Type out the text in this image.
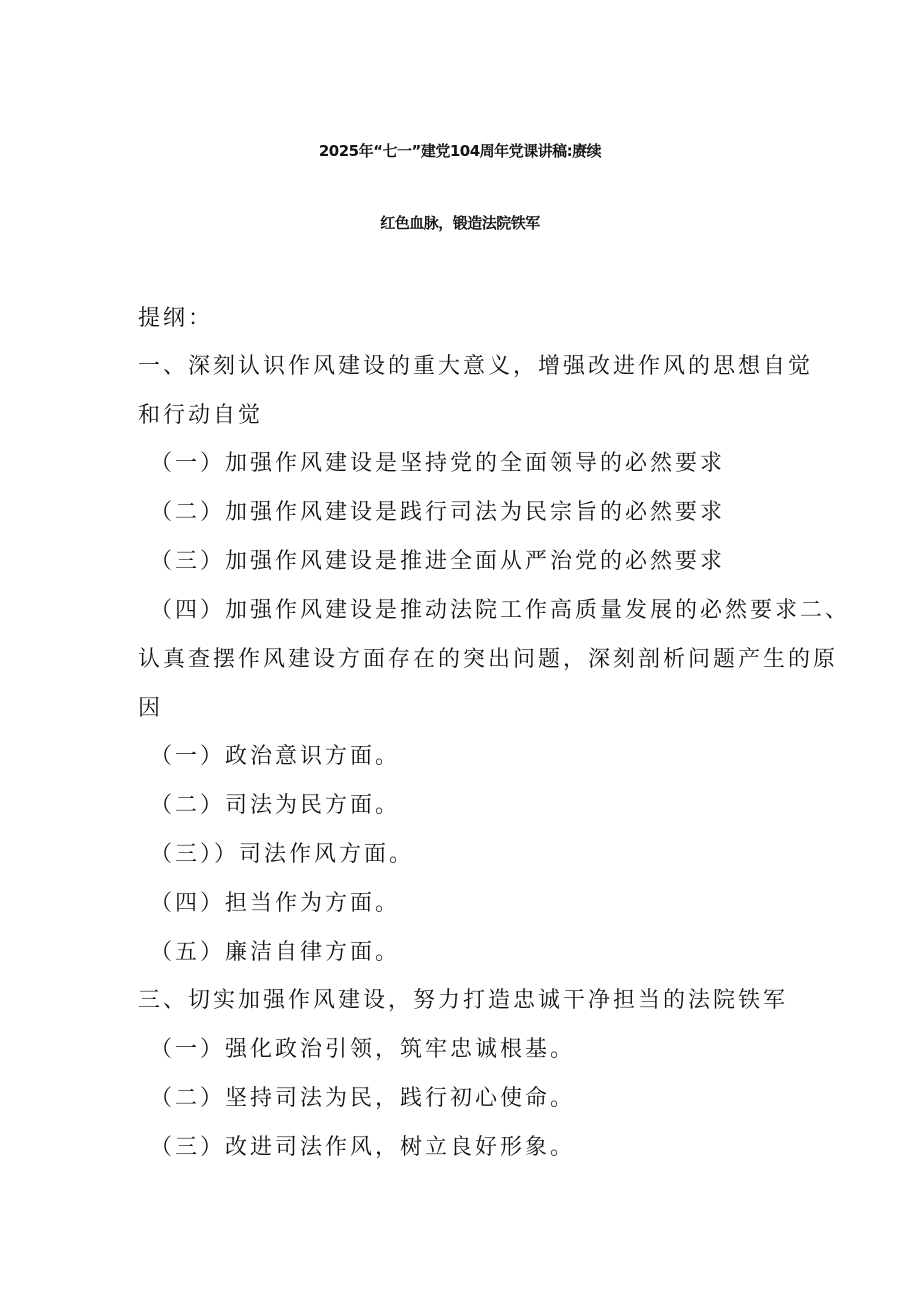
2025年“七一”建党104周年党课讲稿:赓续
红色血脉，锻造法院铁军
提纲：
一、深刻认识作风建设的重大意义，增强改进作风的思想自觉
和行动自觉
（一）加强作风建设是坚持党的全面领导的必然要求
（二）加强作风建设是践行司法为民宗旨的必然要求
（三）加强作风建设是推进全面从严治党的必然要求
（四）加强作风建设是推动法院工作高质量发展的必然要求二、
认真查摆作风建设方面存在的突出问题，深刻剖析问题产生的原
因
（一）政治意识方面。
（二）司法为民方面。
（三））司法作风方面。
（四）担当作为方面。
（五）廉洁自律方面。
三、切实加强作风建设，努力打造忠诚干净担当的法院铁军
（一）强化政治引领，筑牢忠诚根基。
（二）坚持司法为民，践行初心使命。
（三）改进司法作风，树立良好形象。
